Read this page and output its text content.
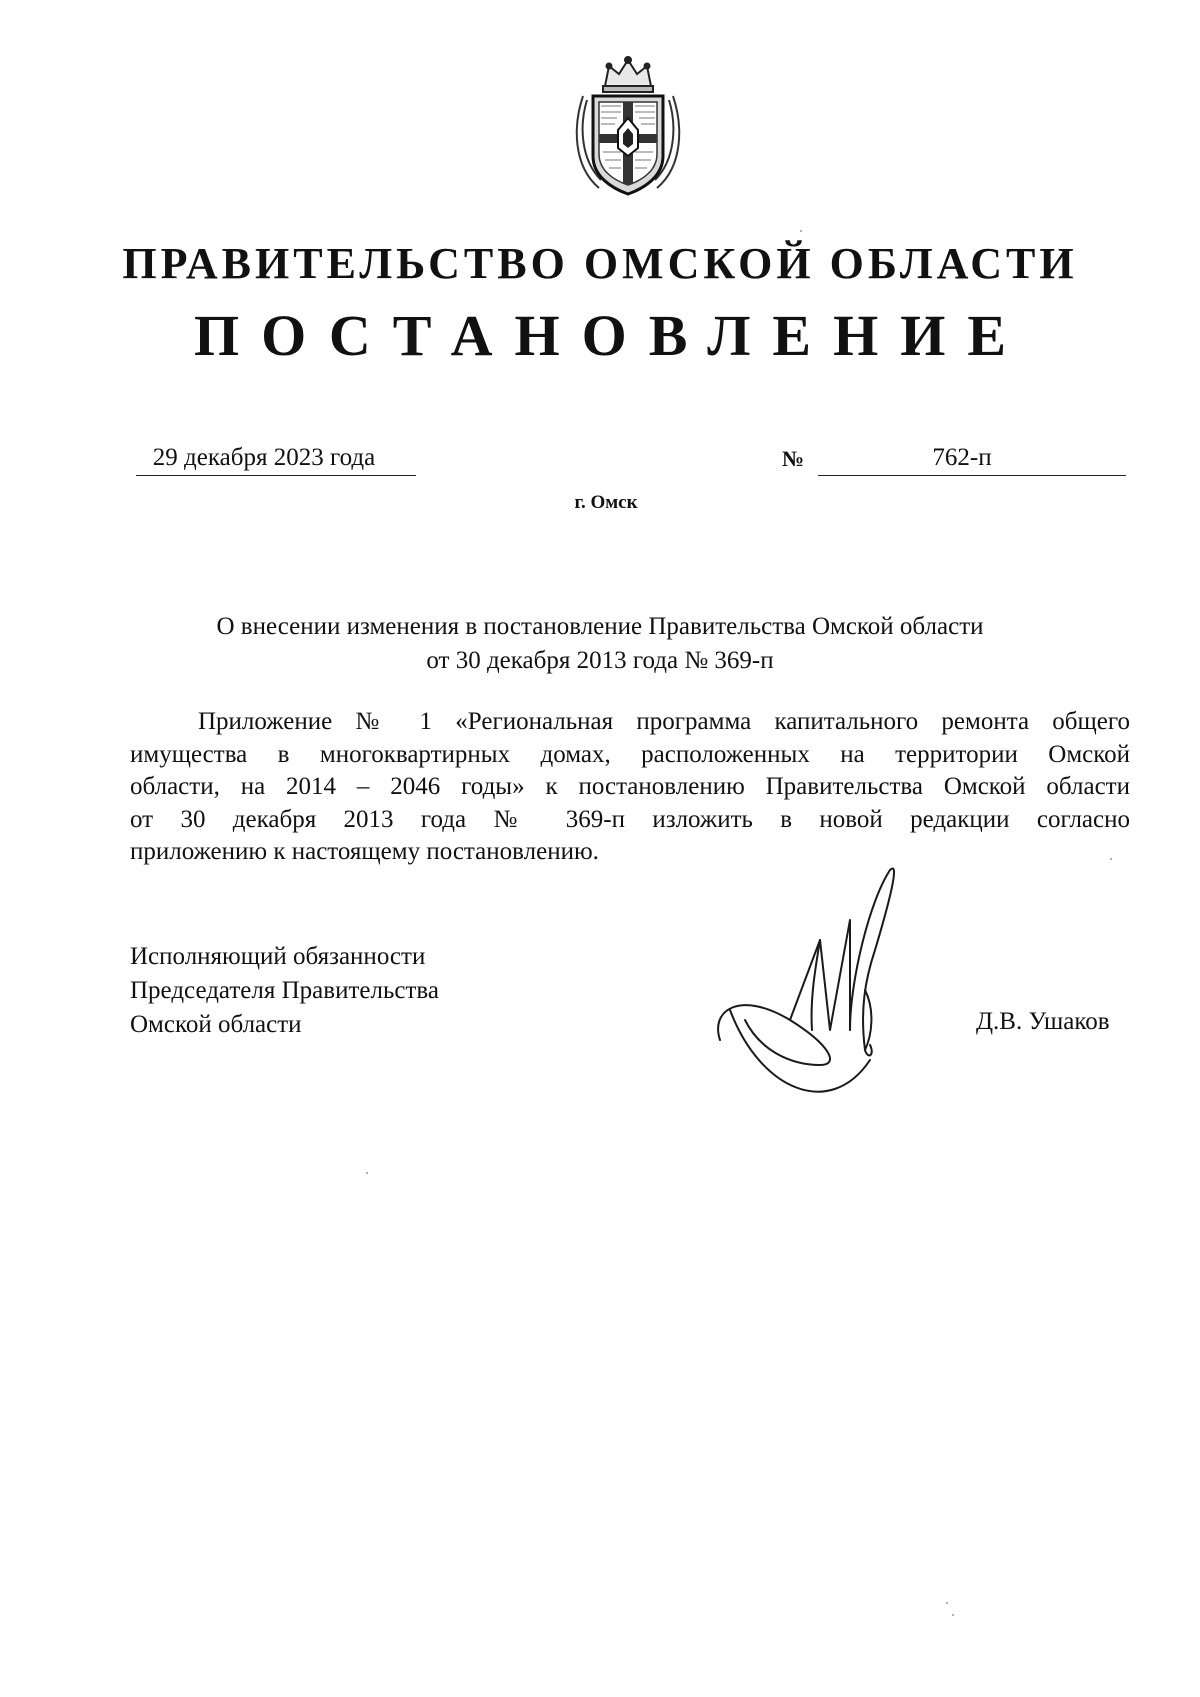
ПРАВИТЕЛЬСТВО ОМСКОЙ ОБЛАСТИ
ПОСТАНОВЛЕНИЕ
29 декабря 2023 года	№	762-п
г. Омск
О внесении изменения в постановление Правительства Омской области
от 30 декабря 2013 года № 369-п
Приложение № 1 «Региональная программа капитального ремонта общего
имущества в многоквартирных домах, расположенных на территории Омской
области, на 2014 – 2046 годы» к постановлению Правительства Омской области
от 30 декабря 2013 года № 369-п изложить в новой редакции согласно
приложению к настоящему постановлению.
Исполняющий обязанности
Председателя Правительства
Омской области	Д.В. Ушаков
